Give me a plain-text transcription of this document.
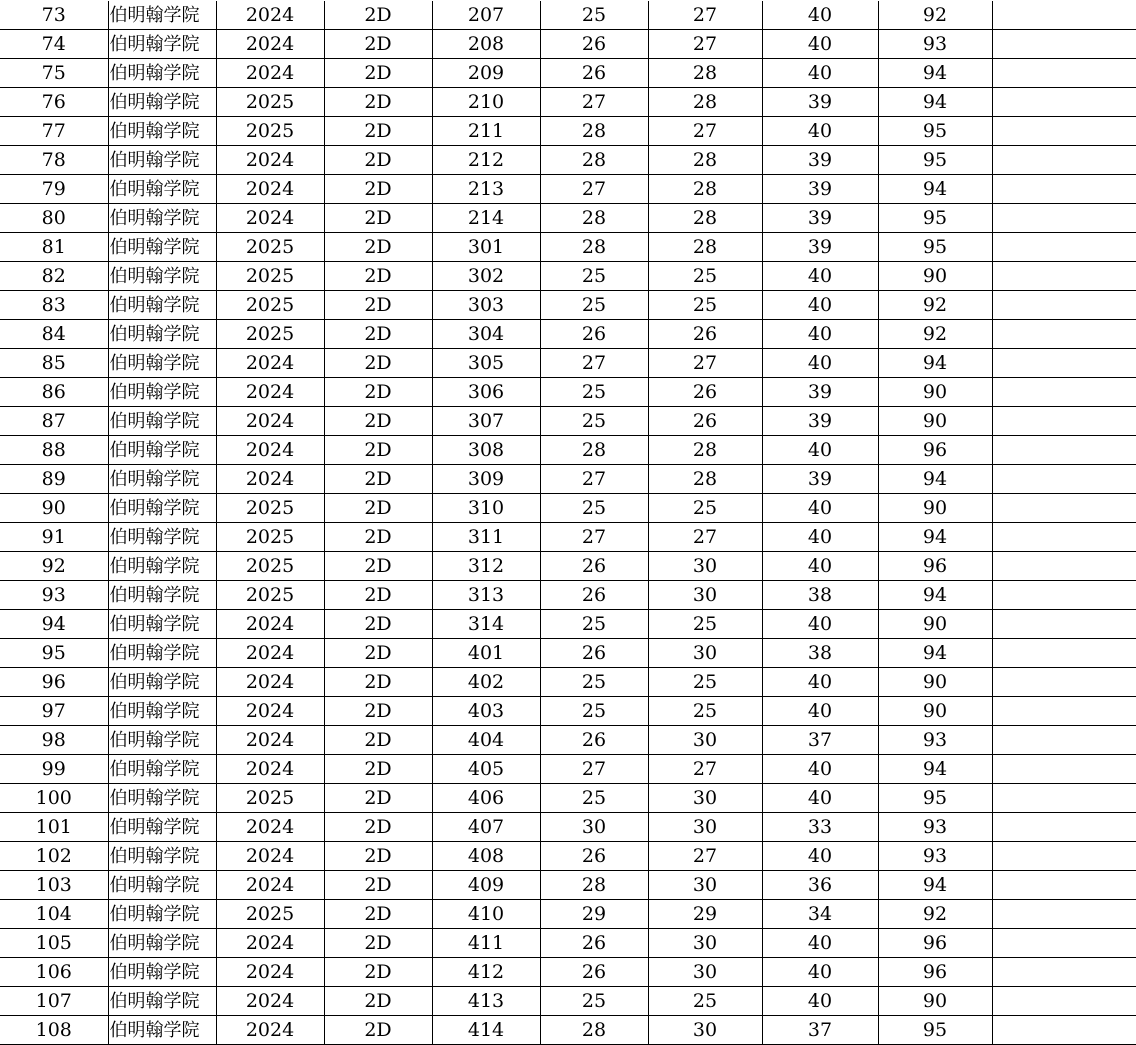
73	伯明翰学院	2024	2D	207	25	27	40	92	
74	伯明翰学院	2024	2D	208	26	27	40	93	
75	伯明翰学院	2024	2D	209	26	28	40	94	
76	伯明翰学院	2025	2D	210	27	28	39	94	
77	伯明翰学院	2025	2D	211	28	27	40	95	
78	伯明翰学院	2024	2D	212	28	28	39	95	
79	伯明翰学院	2024	2D	213	27	28	39	94	
80	伯明翰学院	2024	2D	214	28	28	39	95	
81	伯明翰学院	2025	2D	301	28	28	39	95	
82	伯明翰学院	2025	2D	302	25	25	40	90	
83	伯明翰学院	2025	2D	303	25	25	40	92	
84	伯明翰学院	2025	2D	304	26	26	40	92	
85	伯明翰学院	2024	2D	305	27	27	40	94	
86	伯明翰学院	2024	2D	306	25	26	39	90	
87	伯明翰学院	2024	2D	307	25	26	39	90	
88	伯明翰学院	2024	2D	308	28	28	40	96	
89	伯明翰学院	2024	2D	309	27	28	39	94	
90	伯明翰学院	2025	2D	310	25	25	40	90	
91	伯明翰学院	2025	2D	311	27	27	40	94	
92	伯明翰学院	2025	2D	312	26	30	40	96	
93	伯明翰学院	2025	2D	313	26	30	38	94	
94	伯明翰学院	2024	2D	314	25	25	40	90	
95	伯明翰学院	2024	2D	401	26	30	38	94	
96	伯明翰学院	2024	2D	402	25	25	40	90	
97	伯明翰学院	2024	2D	403	25	25	40	90	
98	伯明翰学院	2024	2D	404	26	30	37	93	
99	伯明翰学院	2024	2D	405	27	27	40	94	
100	伯明翰学院	2025	2D	406	25	30	40	95	
101	伯明翰学院	2024	2D	407	30	30	33	93	
102	伯明翰学院	2024	2D	408	26	27	40	93	
103	伯明翰学院	2024	2D	409	28	30	36	94	
104	伯明翰学院	2025	2D	410	29	29	34	92	
105	伯明翰学院	2024	2D	411	26	30	40	96	
106	伯明翰学院	2024	2D	412	26	30	40	96	
107	伯明翰学院	2024	2D	413	25	25	40	90	
108	伯明翰学院	2024	2D	414	28	30	37	95	
